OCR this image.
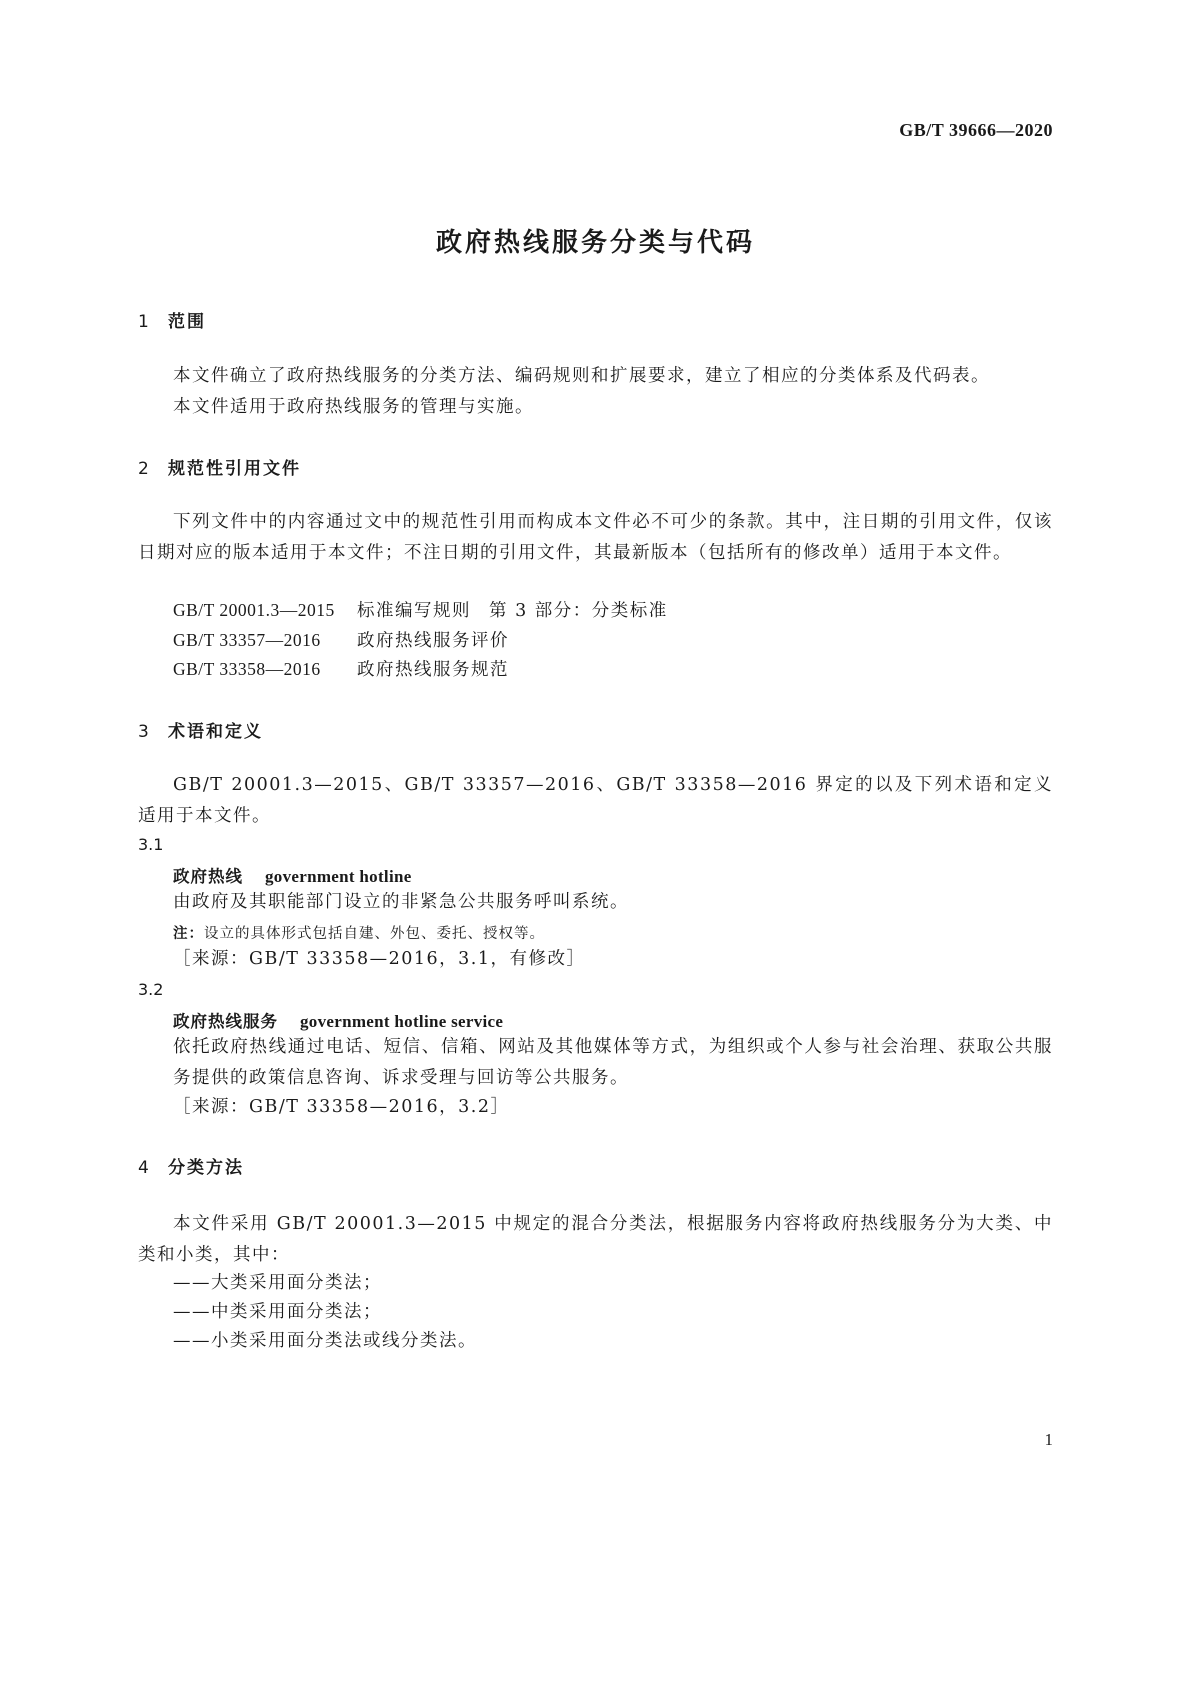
GB/T 39666—2020
政府热线服务分类与代码
1 范围
本文件确立了政府热线服务的分类方法、编码规则和扩展要求，建立了相应的分类体系及代码表。
本文件适用于政府热线服务的管理与实施。
2 规范性引用文件
下列文件中的内容通过文中的规范性引用而构成本文件必不可少的条款。其中，注日期的引用文件，仅该日期对应的版本适用于本文件；不注日期的引用文件，其最新版本（包括所有的修改单）适用于本文件。
GB/T 20001.3—2015 标准编写规则 第 3 部分：分类标准
GB/T 33357—2016 政府热线服务评价
GB/T 33358—2016 政府热线服务规范
3 术语和定义
GB/T 20001.3—2015、GB/T 33357—2016、GB/T 33358—2016 界定的以及下列术语和定义适用于本文件。
3.1
政府热线 government hotline
由政府及其职能部门设立的非紧急公共服务呼叫系统。
注：设立的具体形式包括自建、外包、委托、授权等。
［来源：GB/T 33358—2016，3.1，有修改］
3.2
政府热线服务 government hotline service
依托政府热线通过电话、短信、信箱、网站及其他媒体等方式，为组织或个人参与社会治理、获取公共服务提供的政策信息咨询、诉求受理与回访等公共服务。
［来源：GB/T 33358—2016，3.2］
4 分类方法
本文件采用 GB/T 20001.3—2015 中规定的混合分类法，根据服务内容将政府热线服务分为大类、中类和小类，其中：
——大类采用面分类法；
——中类采用面分类法；
——小类采用面分类法或线分类法。
1
